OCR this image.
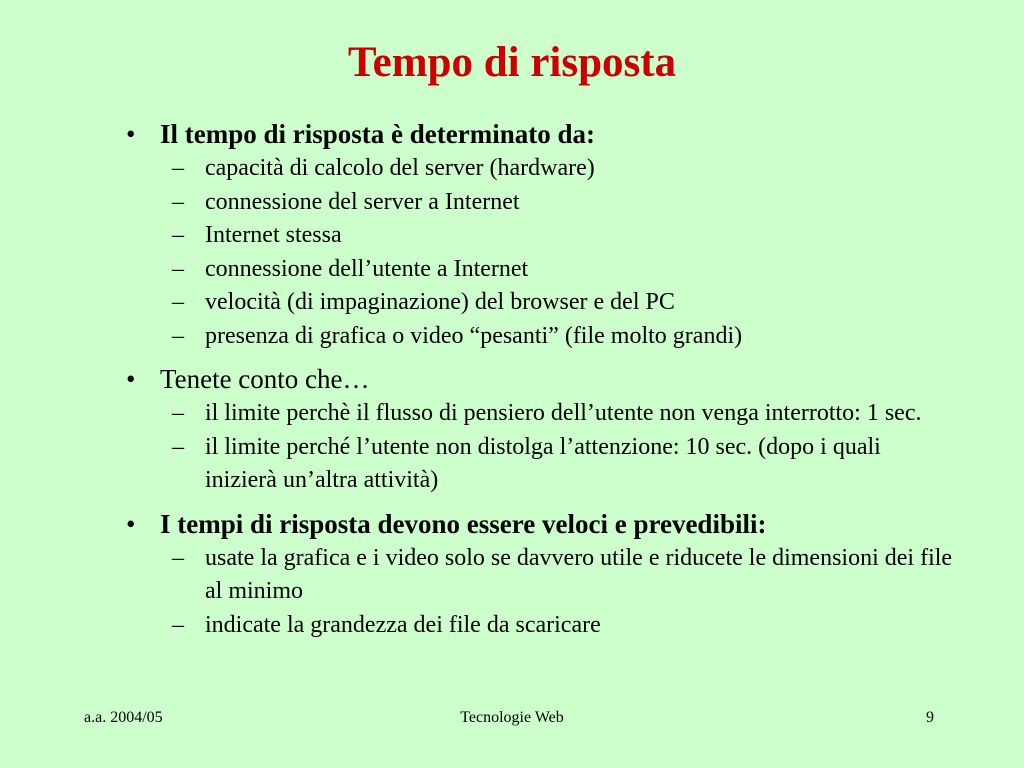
Tempo di risposta
• Il tempo di risposta è determinato da:
– capacità di calcolo del server (hardware)
– connessione del server a Internet
– Internet stessa
– connessione dell’utente a Internet
– velocità (di impaginazione) del browser e del PC
– presenza di grafica o video “pesanti” (file molto grandi)
• Tenete conto che…
– il limite perchè il flusso di pensiero dell’utente non venga interrotto: 1 sec.
– il limite perché l’utente non distolga l’attenzione: 10 sec. (dopo i quali inizierà un’altra attività)
• I tempi di risposta devono essere veloci e prevedibili:
– usate la grafica e i video solo se davvero utile e riducete le dimensioni dei file al minimo
– indicate la grandezza dei file da scaricare
a.a. 2004/05	Tecnologie Web	9
